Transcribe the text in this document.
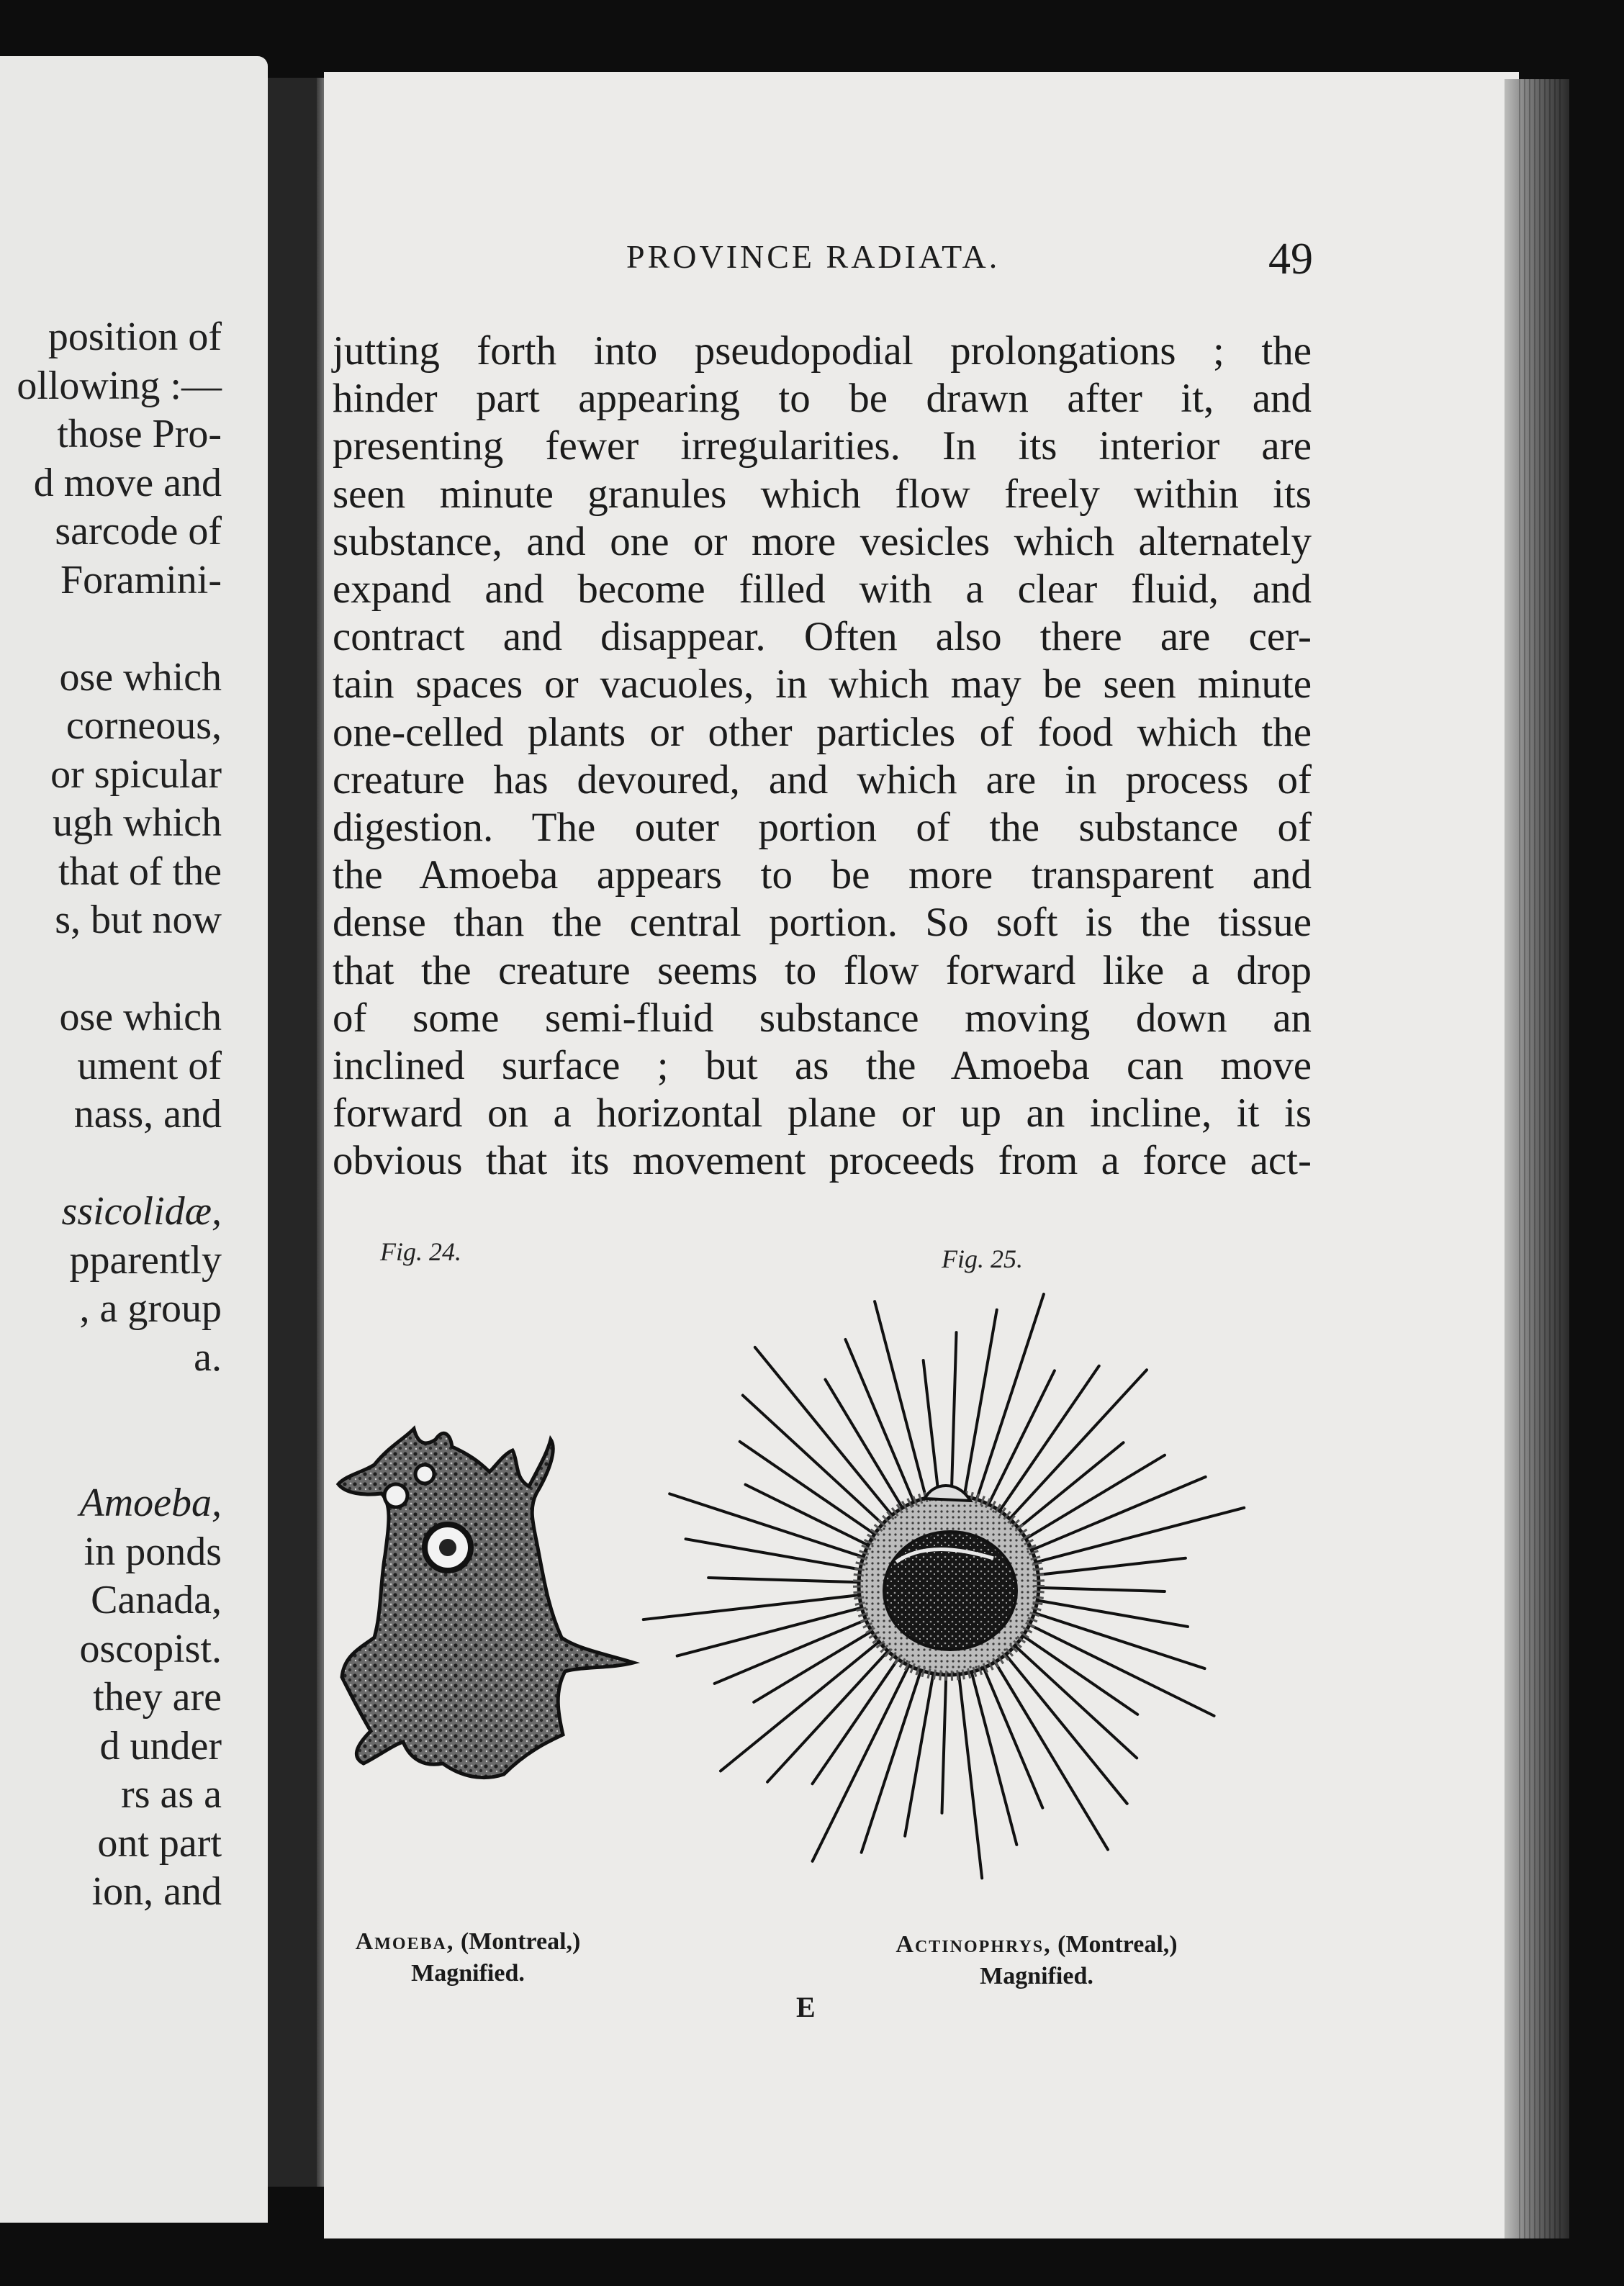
position of
ollowing :—
those Pro-
d move and
sarcode of
Foramini-
ose which
corneous,
or spicular
ugh which
that of the
s, but now
ose which
ument of
nass, and
ssicolidæ,
pparently
, a group
a.
Amoeba,
in ponds
Canada,
oscopist.
they are
d under
rs as a
ont part
ion, and
PROVINCE RADIATA.	49
jutting forth into pseudopodial prolongations ; the
hinder part appearing to be drawn after it, and
presenting fewer irregularities. In its interior are
seen minute granules which flow freely within its
substance, and one or more vesicles which alternately
expand and become filled with a clear fluid, and
contract and disappear. Often also there are cer-
tain spaces or vacuoles, in which may be seen minute
one-celled plants or other particles of food which the
creature has devoured, and which are in process of
digestion. The outer portion of the substance of
the Amoeba appears to be more transparent and
dense than the central portion. So soft is the tissue
that the creature seems to flow forward like a drop
of some semi-fluid substance moving down an
inclined surface ; but as the Amoeba can move
forward on a horizontal plane or up an incline, it is
obvious that its movement proceeds from a force act-
Fig. 24.	Fig. 25.
Amoeba, (Montreal,)
Magnified.
Actinophrys, (Montreal,)
Magnified.
E
